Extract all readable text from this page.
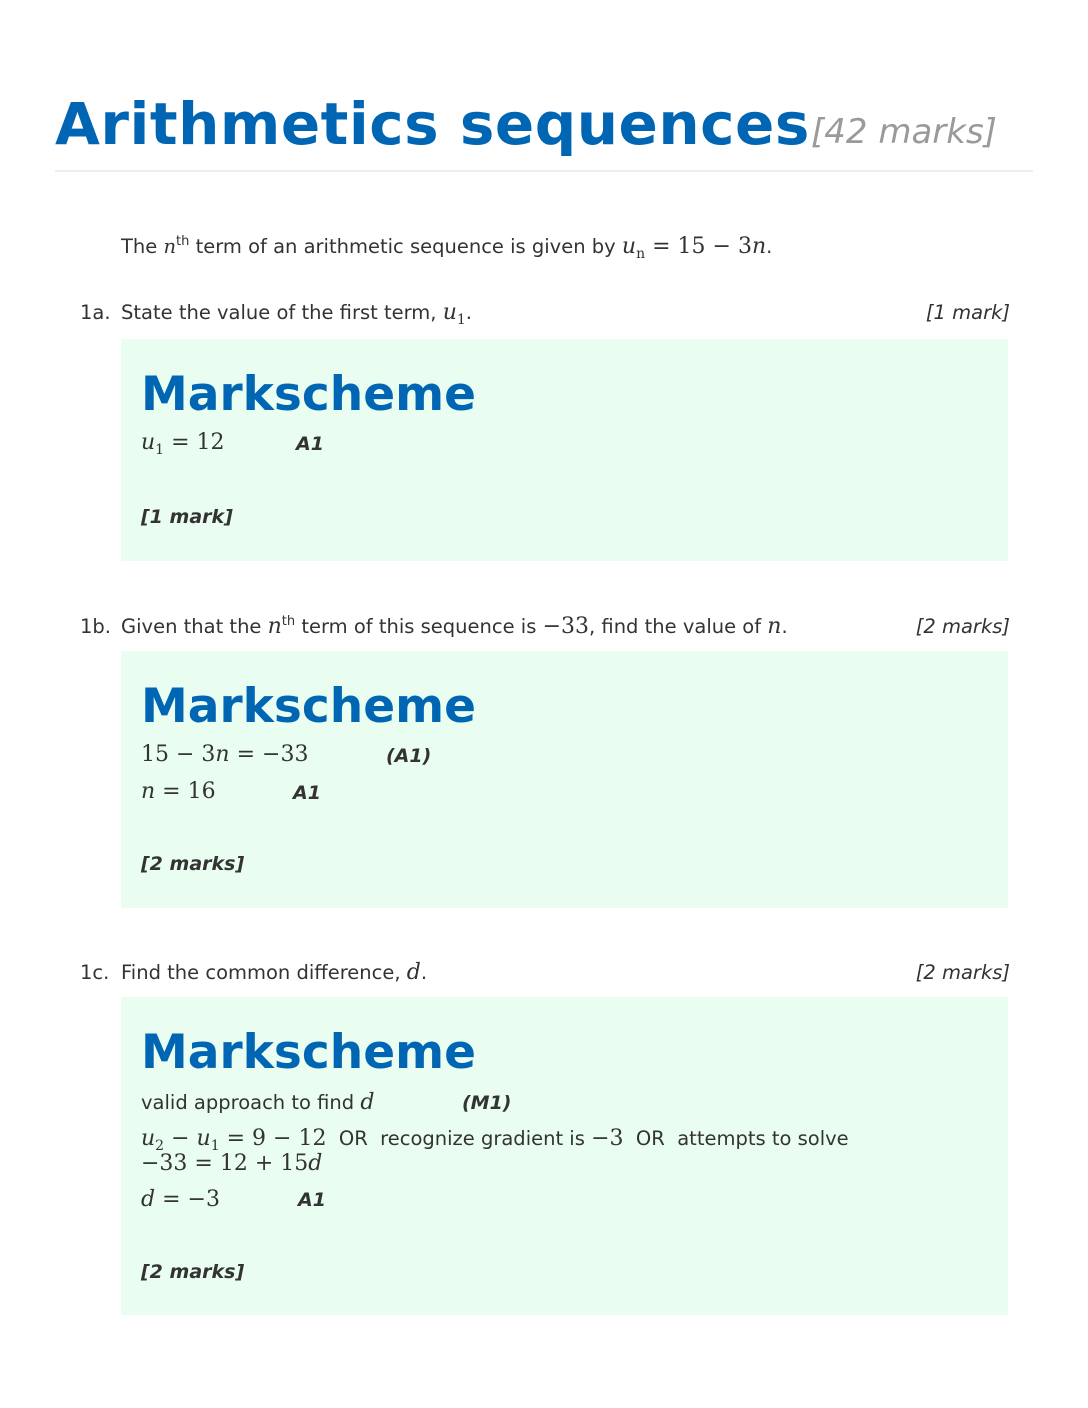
Arithmetics sequences [42 marks]
The $n^{th}$ term of an arithmetic sequence is given by $u_n = 15 - 3n$.
1a. State the value of the first term, $u_1$.	[1 mark]
Markscheme
$u_1 = 12$	A1
[1 mark]
1b. Given that the $n^{th}$ term of this sequence is −33, find the value of n.	[2 marks]
Markscheme
15 − 3n = −33	(A1)
n = 16	A1
[2 marks]
1c. Find the common difference, d.	[2 marks]
Markscheme
valid approach to find d	(M1)
$u_2 - u_1 = 9 - 12$  OR  recognize gradient is −3  OR  attempts to solve
−33 = 12 + 15d
d = −3	A1
[2 marks]
